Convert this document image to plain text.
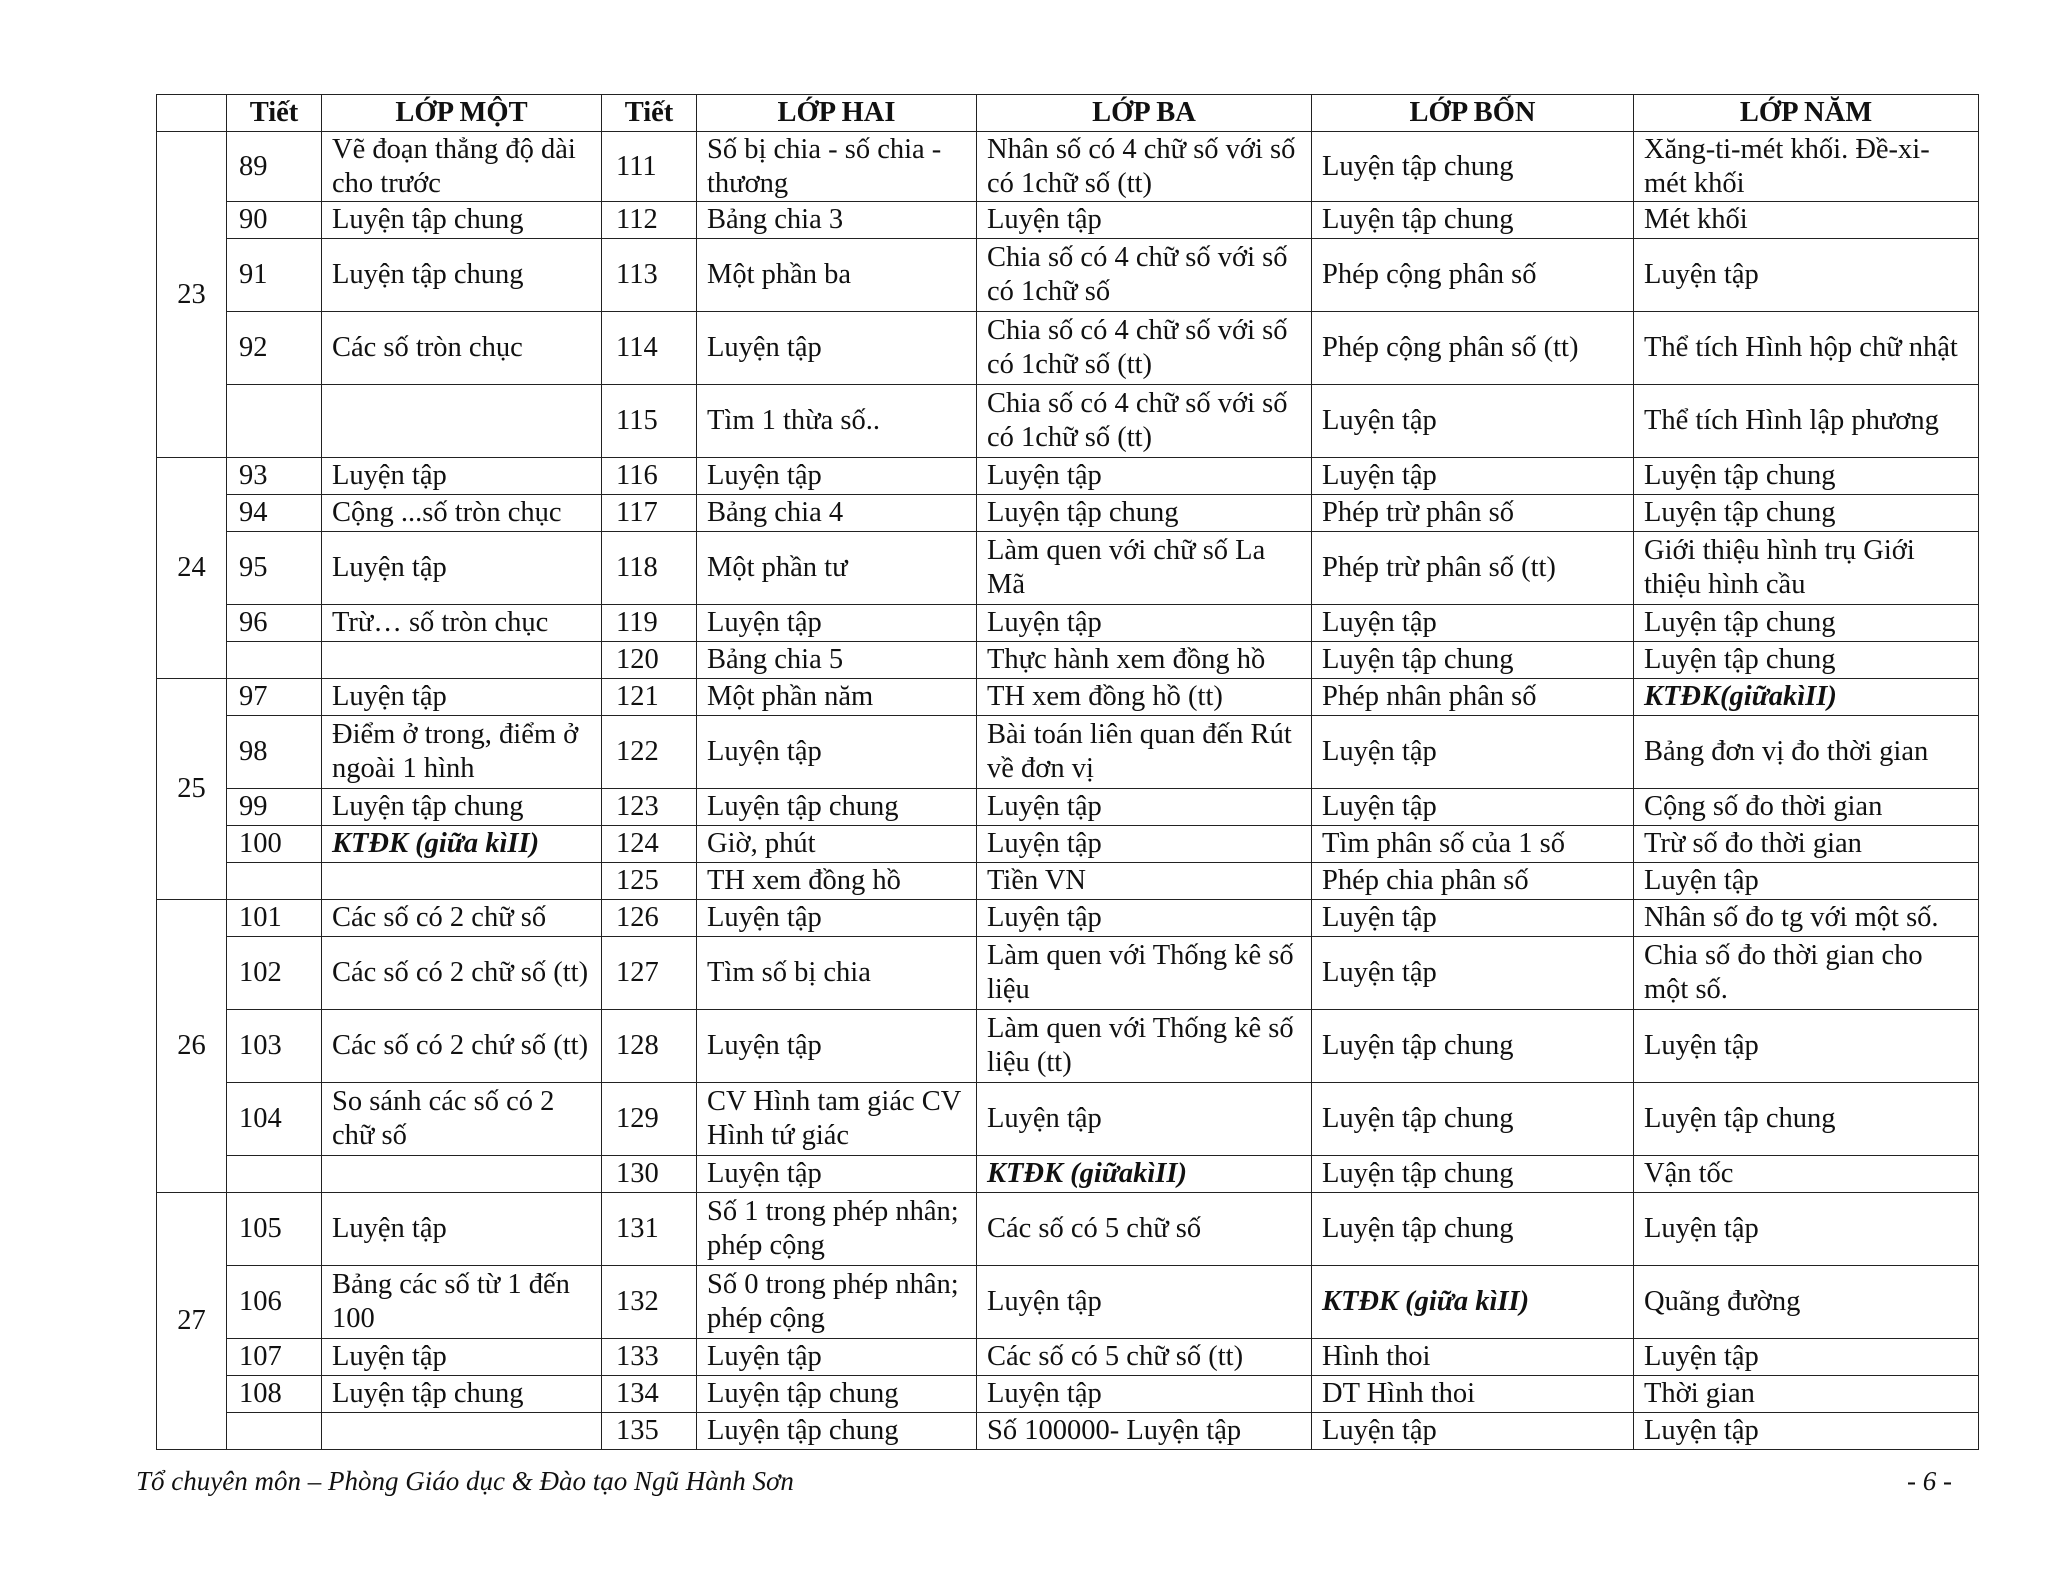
	Tiết	LỚP MỘT	Tiết	LỚP HAI	LỚP BA	LỚP BỐN	LỚP NĂM
23	89	Vẽ đoạn thẳng độ dài cho trước	111	Số bị chia - số chia - thương	Nhân số có 4 chữ số với số có 1chữ số (tt)	Luyện tập chung	Xăng-ti-mét khối. Đề-xi-mét khối
	90	Luyện tập chung	112	Bảng chia 3	Luyện tập	Luyện tập chung	Mét khối
	91	Luyện tập chung	113	Một phần ba	Chia số có 4 chữ số với số có 1chữ số	Phép cộng phân số	Luyện tập
	92	Các số tròn chục	114	Luyện tập	Chia số có 4 chữ số với số có 1chữ số (tt)	Phép cộng phân số (tt)	Thể tích Hình hộp chữ nhật
			115	Tìm 1 thừa số..	Chia số có 4 chữ số với số có 1chữ số (tt)	Luyện tập	Thể tích Hình lập phương
24	93	Luyện tập	116	Luyện tập	Luyện tập	Luyện tập	Luyện tập chung
	94	Cộng ...số tròn chục	117	Bảng chia 4	Luyện tập chung	Phép trừ phân số	Luyện tập chung
	95	Luyện tập	118	Một phần tư	Làm quen với chữ số La Mã	Phép trừ phân số (tt)	Giới thiệu hình trụ Giới thiệu hình cầu
	96	Trừ… số tròn chục	119	Luyện tập	Luyện tập	Luyện tập	Luyện tập chung
			120	Bảng chia 5	Thực hành xem đồng hồ	Luyện tập chung	Luyện tập chung
25	97	Luyện tập	121	Một phần năm	TH xem đồng hồ (tt)	Phép nhân phân số	KTĐK(giữakìII)
	98	Điểm ở trong, điểm ở ngoài 1 hình	122	Luyện tập	Bài toán liên quan đến Rút về đơn vị	Luyện tập	Bảng đơn vị đo thời gian
	99	Luyện tập chung	123	Luyện tập chung	Luyện tập	Luyện tập	Cộng số đo thời gian
	100	KTĐK (giữa kìII)	124	Giờ, phút	Luyện tập	Tìm phân số của 1 số	Trừ số đo thời gian
			125	TH xem đồng hồ	Tiền VN	Phép chia phân số	Luyện tập
26	101	Các số có 2 chữ số	126	Luyện tập	Luyện tập	Luyện tập	Nhân số đo tg với một số.
	102	Các số có 2 chữ số (tt)	127	Tìm số bị chia	Làm quen với Thống kê số liệu	Luyện tập	Chia số đo thời gian cho một số.
	103	Các số có 2 chứ số (tt)	128	Luyện tập	Làm quen với Thống kê số liệu (tt)	Luyện tập chung	Luyện tập
	104	So sánh các số có 2 chữ số	129	CV Hình tam giác CV Hình tứ giác	Luyện tập	Luyện tập chung	Luyện tập chung
			130	Luyện tập	KTĐK (giữakìII)	Luyện tập chung	Vận tốc
27	105	Luyện tập	131	Số 1 trong phép nhân; phép cộng	Các số có 5 chữ số	Luyện tập chung	Luyện tập
	106	Bảng các số từ 1 đến 100	132	Số 0 trong phép nhân; phép cộng	Luyện tập	KTĐK (giữa kìII)	Quãng đường
	107	Luyện tập	133	Luyện tập	Các số có 5 chữ số (tt)	Hình thoi	Luyện tập
	108	Luyện tập chung	134	Luyện tập chung	Luyện tập	DT Hình thoi	Thời gian
			135	Luyện tập chung	Số 100000- Luyện tập	Luyện tập	Luyện tập
Tổ chuyên môn – Phòng Giáo dục & Đào tạo Ngũ Hành Sơn	- 6 -
